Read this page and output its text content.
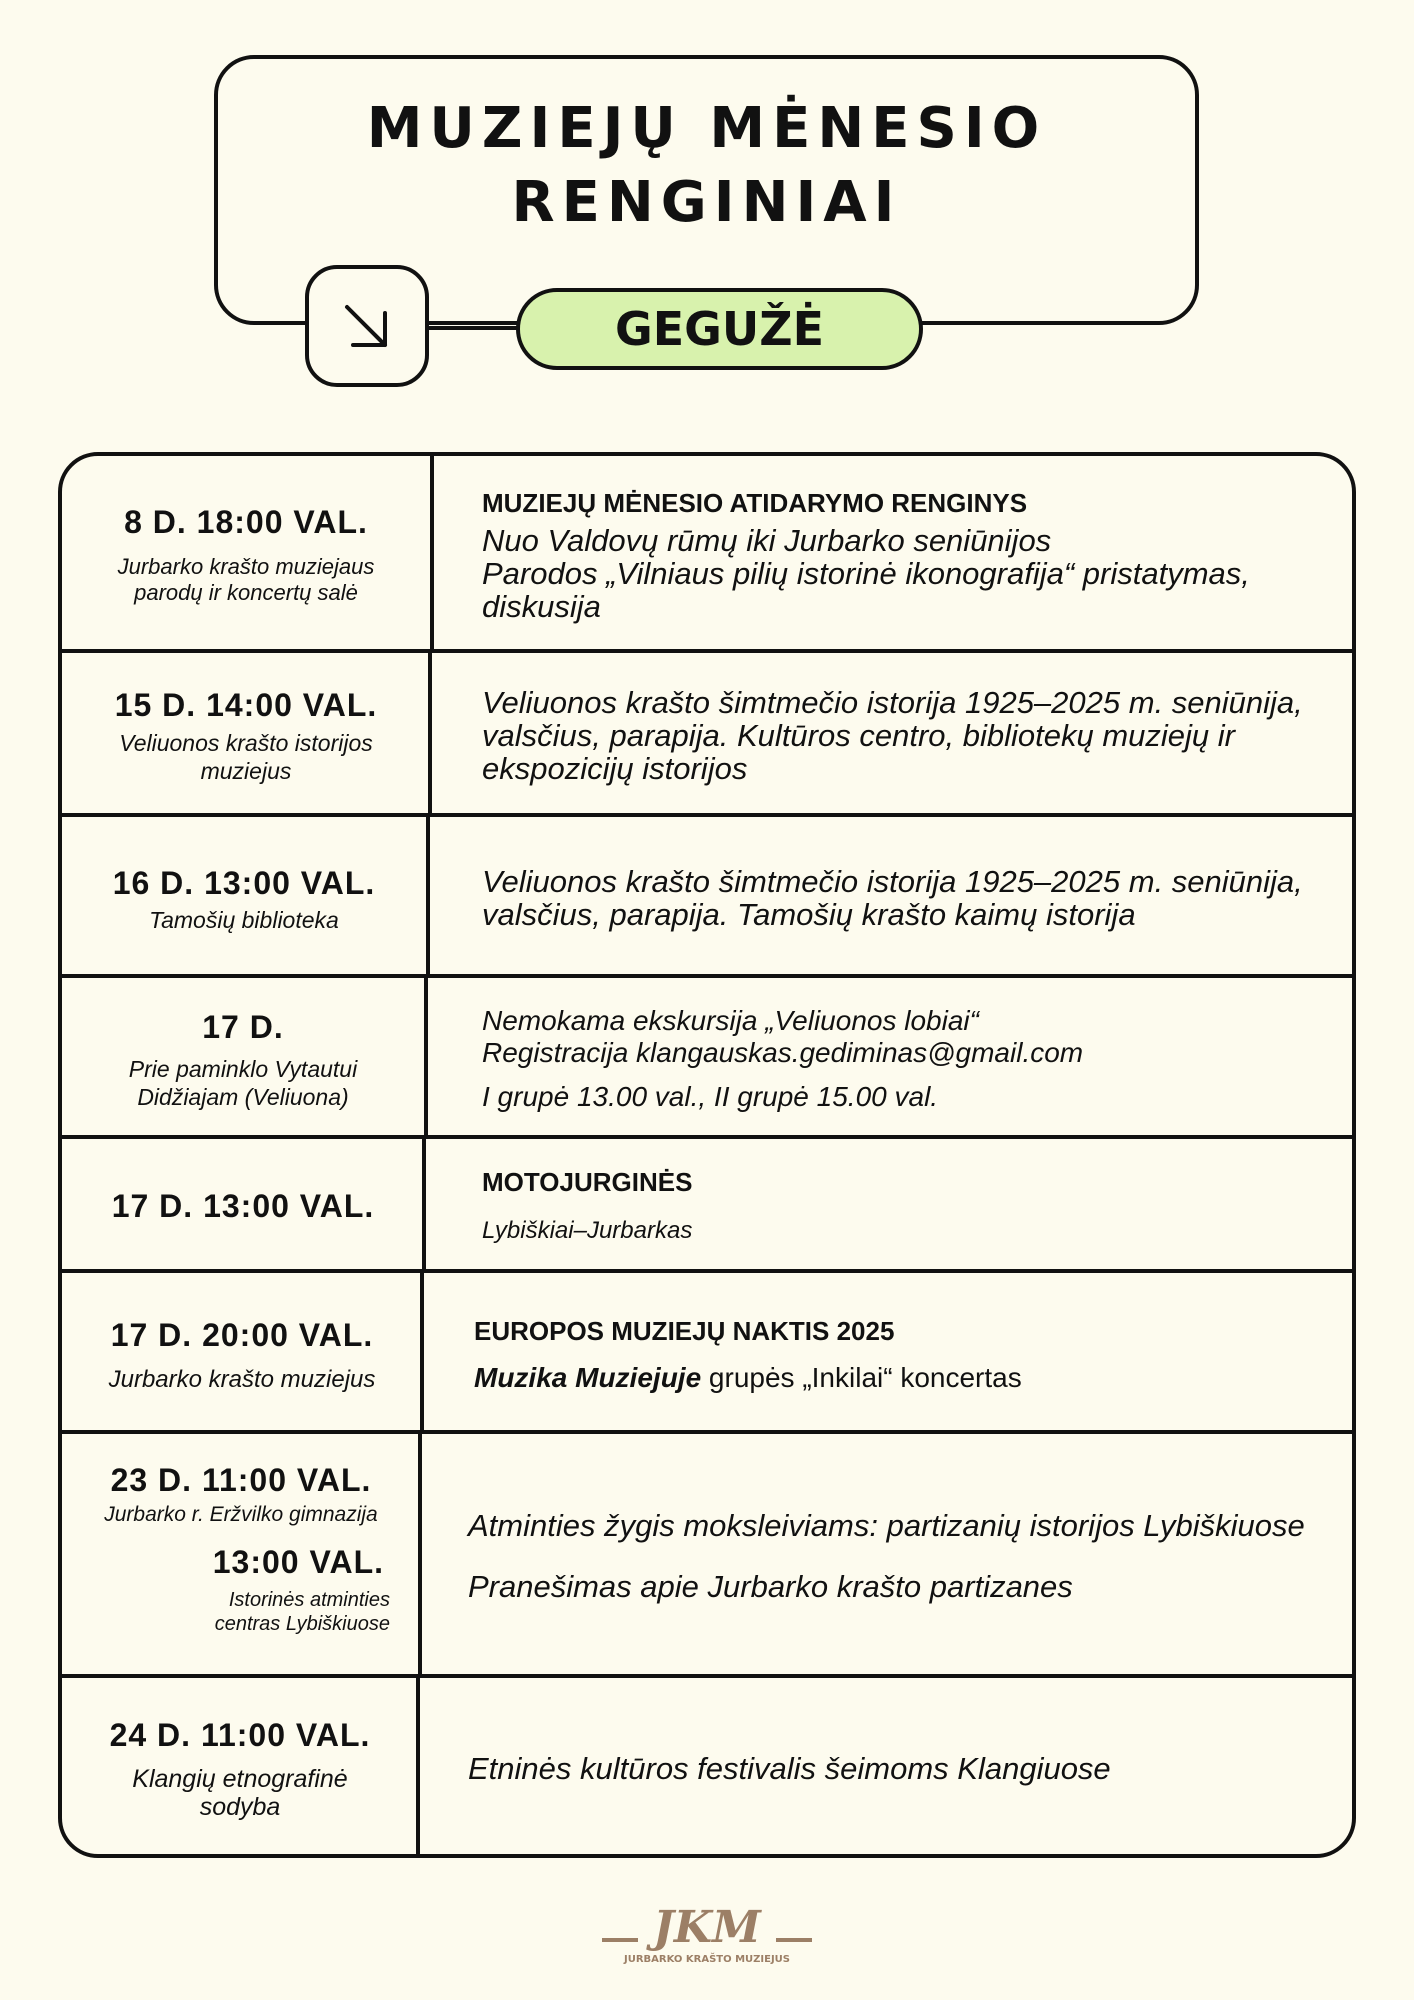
MUZIEJŲ MĖNESIO
RENGINIAI
GEGUŽĖ
8 D. 18:00 VAL.
Jurbarko krašto muziejaus parodų ir koncertų salė
MUZIEJŲ MĖNESIO ATIDARYMO RENGINYS
Nuo Valdovų rūmų iki Jurbarko seniūnijos
Parodos „Vilniaus pilių istorinė ikonografija“ pristatymas, diskusija
15 D. 14:00 VAL.
Veliuonos krašto istorijos muziejus
Veliuonos krašto šimtmečio istorija 1925–2025 m. seniūnija, valsčius, parapija. Kultūros centro, bibliotekų muziejų ir ekspozicijų istorijos
16 D. 13:00 VAL.
Tamošių biblioteka
Veliuonos krašto šimtmečio istorija 1925–2025 m. seniūnija, valsčius, parapija. Tamošių krašto kaimų istorija
17 D.
Prie paminklo Vytautui Didžiajam (Veliuona)
Nemokama ekskursija „Veliuonos lobiai“
Registracija klangauskas.gediminas@gmail.com
I grupė 13.00 val., II grupė 15.00 val.
17 D. 13:00 VAL.
MOTOJURGINĖS
Lybiškiai–Jurbarkas
17 D. 20:00 VAL.
Jurbarko krašto muziejus
EUROPOS MUZIEJŲ NAKTIS 2025
Muzika Muziejuje grupės „Inkilai“ koncertas
23 D. 11:00 VAL.
Jurbarko r. Eržvilko gimnazija
13:00 VAL.
Istorinės atminties centras Lybiškiuose
Atminties žygis moksleiviams: partizanių istorijos Lybiškiuose
Pranešimas apie Jurbarko krašto partizanes
24 D. 11:00 VAL.
Klangių etnografinė sodyba
Etninės kultūros festivalis šeimoms Klangiuose
JKM
JURBARKO KRAŠTO MUZIEJUS
